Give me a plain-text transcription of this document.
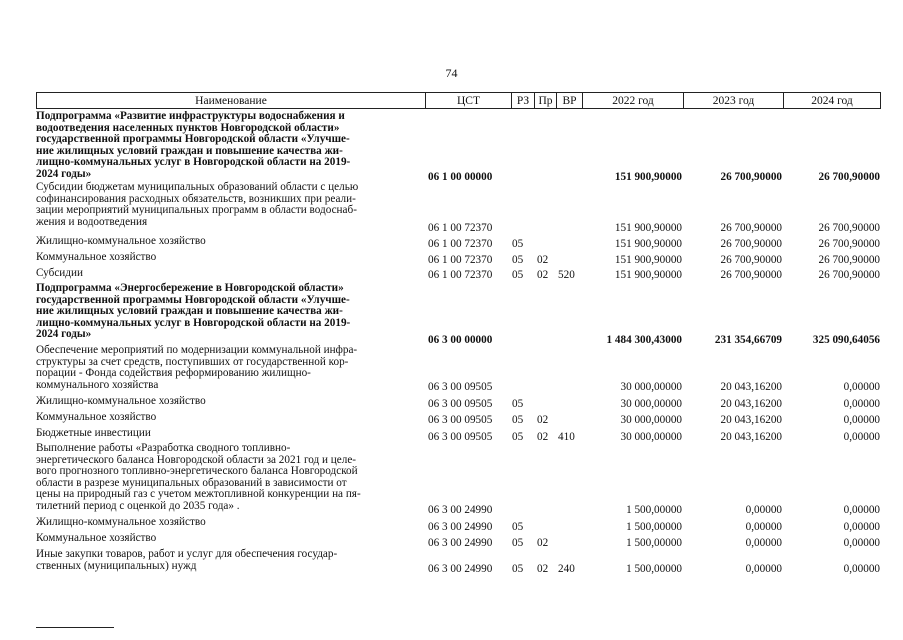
74
Наименование	ЦСТ	РЗ Пр ВР	2022 год	2023 год	2024 год
Подпрограмма «Развитие инфраструктуры водоснабжения и
водоотведения населенных пунктов Новгородской области»
государственной программы Новгородской области «Улучше-
ние жилищных условий граждан и повышение качества жи-
лищно-коммунальных услуг в Новгородской области на 2019-
2024 годы»	06 1 00 00000	151 900,90000	26 700,90000	26 700,90000
Субсидии бюджетам муниципальных образований области с целью
софинансирования расходных обязательств, возникших при реали-
зации мероприятий муниципальных программ в области водоснаб-
жения и водоотведения
06 1 00 72370	151 900,90000	26 700,90000	26 700,90000
Жилищно-коммунальное хозяйство	06 1 00 72370 05	151 900,90000	26 700,90000	26 700,90000
Коммунальное хозяйство	06 1 00 72370 05 02	151 900,90000	26 700,90000	26 700,90000
Субсидии	06 1 00 72370 05 02 520	151 900,90000	26 700,90000	26 700,90000
Подпрограмма «Энергосбережение в Новгородской области»
государственной программы Новгородской области «Улучше-
ние жилищных условий граждан и повышение качества жи-
лищно-коммунальных услуг в Новгородской области на 2019-
2024 годы»	06 3 00 00000	1 484 300,43000	231 354,66709	325 090,64056
Обеспечение мероприятий по модернизации коммунальной инфра-
структуры за счет средств, поступивших от государственной кор-
порации - Фонда содействия реформированию жилищно-
коммунального хозяйства	06 3 00 09505	30 000,00000	20 043,16200	0,00000
Жилищно-коммунальное хозяйство	06 3 00 09505 05	30 000,00000	20 043,16200	0,00000
Коммунальное хозяйство	06 3 00 09505 05 02	30 000,00000	20 043,16200	0,00000
Бюджетные инвестиции	06 3 00 09505 05 02 410	30 000,00000	20 043,16200	0,00000
Выполнение работы «Разработка сводного топливно-
энергетического баланса Новгородской области за 2021 год и целе-
вого прогнозного топливно-энергетического баланса Новгородской
области в разрезе муниципальных образований в зависимости от
цены на природный газ с учетом межтопливной конкуренции на пя-
тилетний период с оценкой до 2035 года» .	06 3 00 24990	1 500,00000	0,00000	0,00000
Жилищно-коммунальное хозяйство	06 3 00 24990 05	1 500,00000	0,00000	0,00000
Коммунальное хозяйство	06 3 00 24990 05 02	1 500,00000	0,00000	0,00000
Иные закупки товаров, работ и услуг для обеспечения государ-
ственных (муниципальных) нужд	06 3 00 24990 05 02 240	1 500,00000	0,00000	0,00000
